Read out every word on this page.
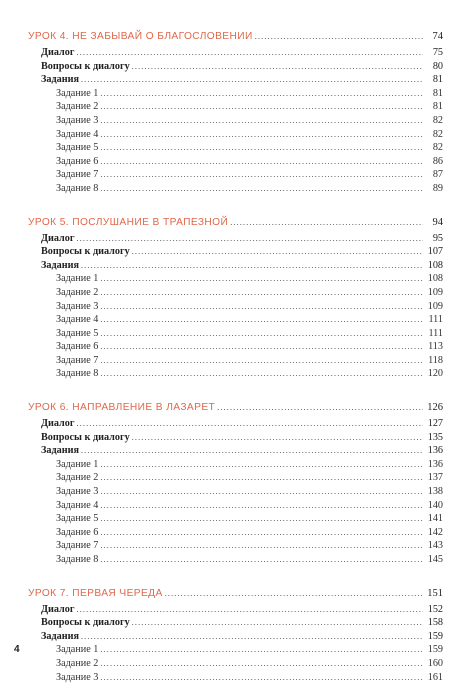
УРОК 4. НЕ ЗАБЫВАЙ О БЛАГОСЛОВЕНИИ .....	74
Диалог .....	75
Вопросы к диалогу .....	80
Задания .....	81
Задание 1 .....	81
Задание 2 .....	81
Задание 3 .....	82
Задание 4 .....	82
Задание 5 .....	82
Задание 6 .....	86
Задание 7 .....	87
Задание 8 .....	89
УРОК 5. ПОСЛУШАНИЕ В ТРАПЕЗНОЙ .....	94
Диалог .....	95
Вопросы к диалогу .....	107
Задания .....	108
Задание 1 .....	108
Задание 2 .....	109
Задание 3 .....	109
Задание 4 .....	111
Задание 5 .....	111
Задание 6 .....	113
Задание 7 .....	118
Задание 8 .....	120
УРОК 6. НАПРАВЛЕНИЕ В ЛАЗАРЕТ .....	126
Диалог .....	127
Вопросы к диалогу .....	135
Задания .....	136
Задание 1 .....	136
Задание 2 .....	137
Задание 3 .....	138
Задание 4 .....	140
Задание 5 .....	141
Задание 6 .....	142
Задание 7 .....	143
Задание 8 .....	145
УРОК 7. ПЕРВАЯ ЧЕРЕДА .....	151
Диалог .....	152
Вопросы к диалогу .....	158
Задания .....	159
Задание 1 .....	159
Задание 2 .....	160
Задание 3 .....	161
4
